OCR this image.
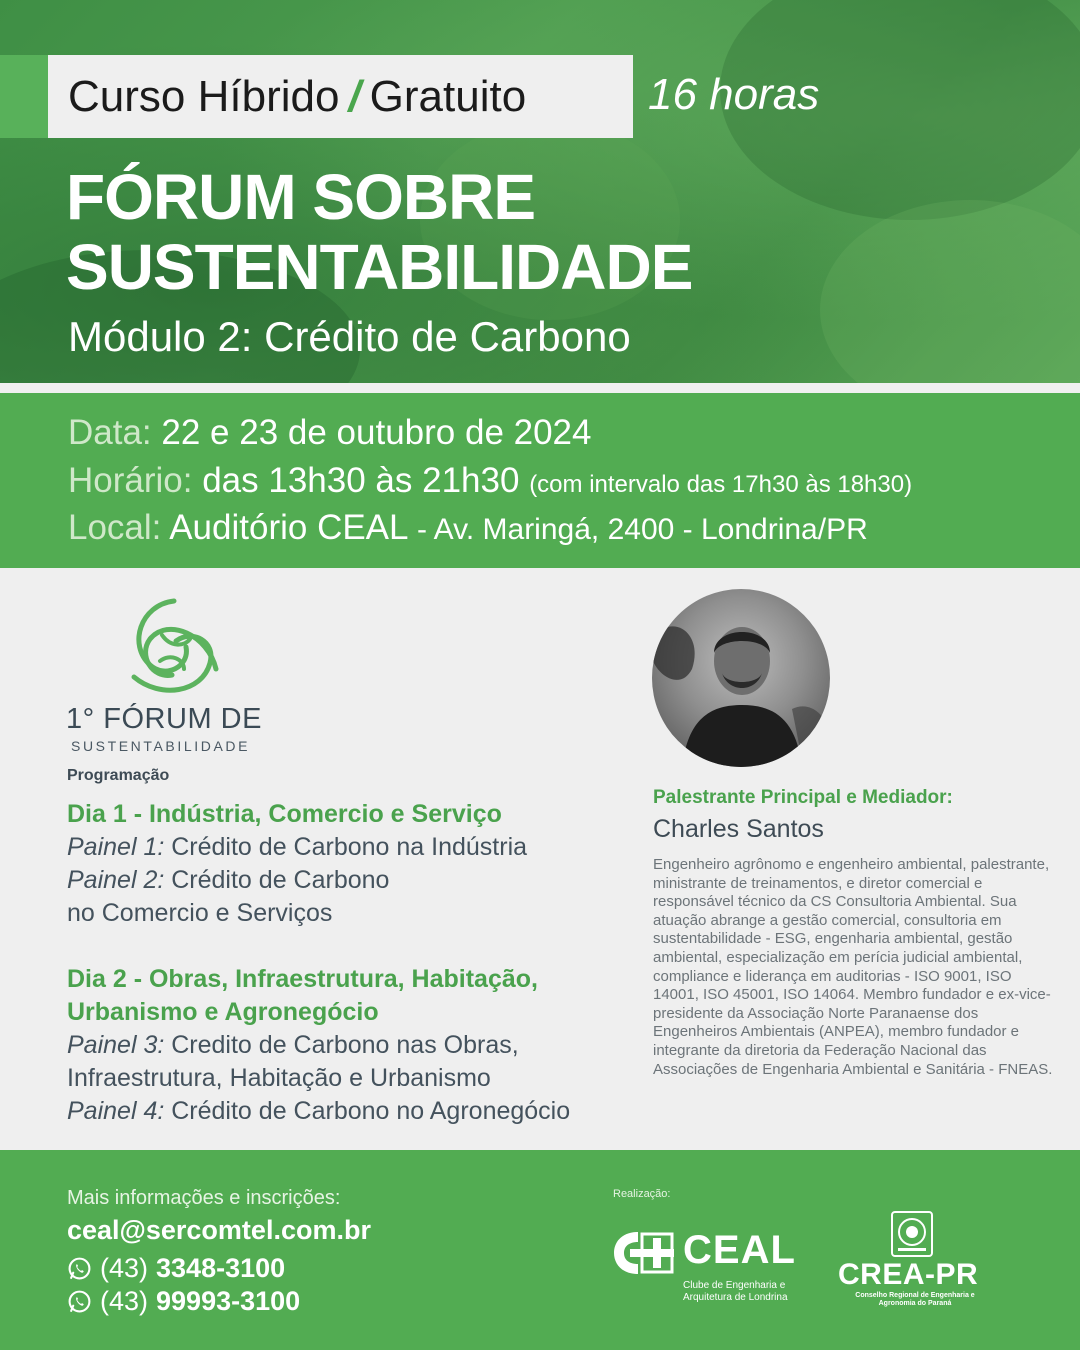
Curso Híbrido / Gratuito	16 horas
FÓRUM SOBRE
SUSTENTABILIDADE
Módulo 2: Crédito de Carbono
Data: 22 e 23 de outubro de 2024
Horário: das 13h30 às 21h30 (com intervalo das 17h30 às 18h30)
Local: Auditório CEAL - Av. Maringá, 2400 - Londrina/PR
1° FÓRUM DE
SUSTENTABILIDADE
Programação
Dia 1 - Indústria, Comercio e Serviço
Painel 1: Crédito de Carbono na Indústria
Painel 2: Crédito de Carbono
no Comercio e Serviços
Dia 2 - Obras, Infraestrutura, Habitação,
Urbanismo e Agronegócio
Painel 3: Credito de Carbono nas Obras,
Infraestrutura, Habitação e Urbanismo
Painel 4: Crédito de Carbono no Agronegócio
Palestrante Principal e Mediador:
Charles Santos
Engenheiro agrônomo e engenheiro ambiental, palestrante, ministrante de treinamentos, e diretor comercial e responsável técnico da CS Consultoria Ambiental. Sua atuação abrange a gestão comercial, consultoria em sustentabilidade - ESG, engenharia ambiental, gestão ambiental, especialização em perícia judicial ambiental, compliance e liderança em auditorias - ISO 9001, ISO 14001, ISO 45001, ISO 14064. Membro fundador e ex-vice-presidente da Associação Norte Paranaense dos Engenheiros Ambientais (ANPEA), membro fundador e integrante da diretoria da Federação Nacional das Associações de Engenharia Ambiental e Sanitária - FNEAS.
Mais informações e inscrições:
ceal@sercomtel.com.br
(43) 3348-3100
(43) 99993-3100
Realização:
CEAL
Clube de Engenharia e
Arquitetura de Londrina
CREA-PR
Conselho Regional de Engenharia e Agronomia do Paraná
